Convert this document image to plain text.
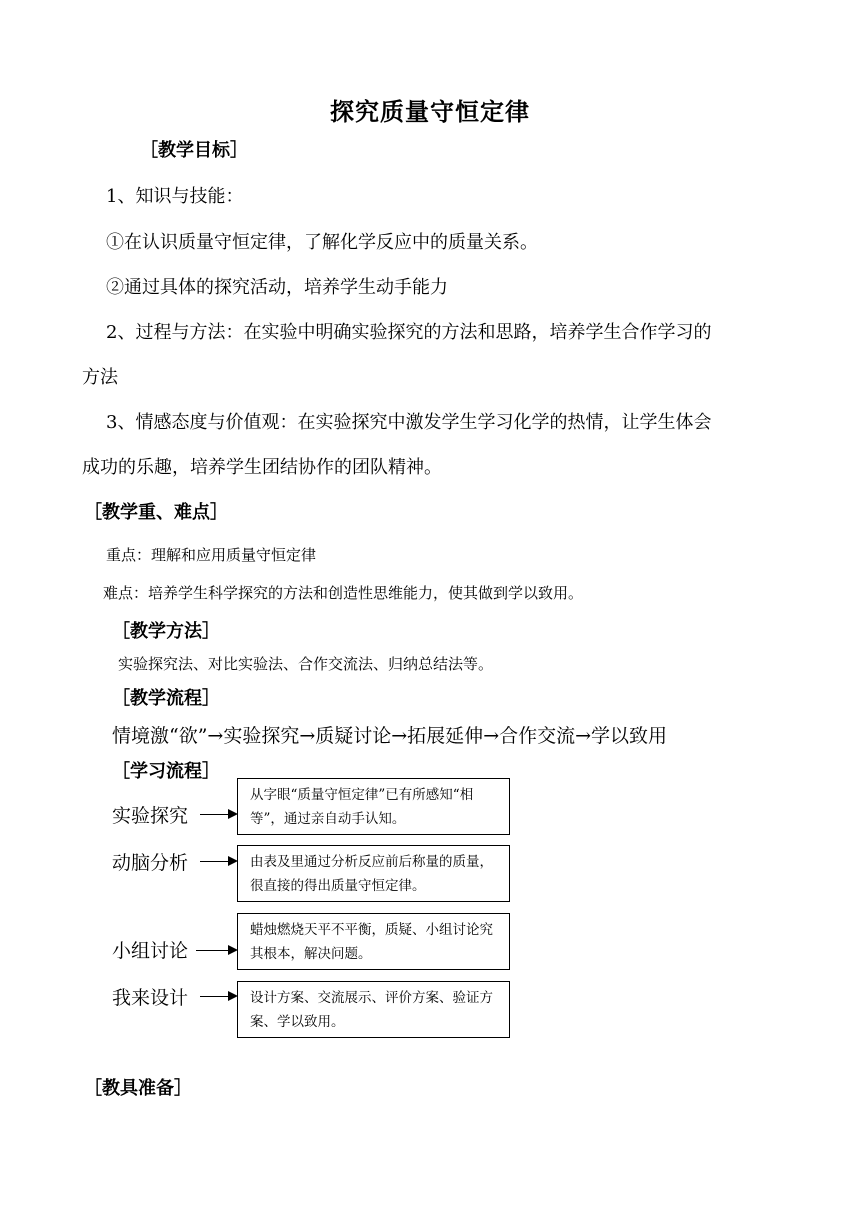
探究质量守恒定律
［教学目标］
1、知识与技能：
①在认识质量守恒定律，了解化学反应中的质量关系。
②通过具体的探究活动，培养学生动手能力
2、过程与方法：在实验中明确实验探究的方法和思路，培养学生合作学习的
方法
3、情感态度与价值观：在实验探究中激发学生学习化学的热情，让学生体会
成功的乐趣，培养学生团结协作的团队精神。
［教学重、难点］
重点：理解和应用质量守恒定律
难点：培养学生科学探究的方法和创造性思维能力，使其做到学以致用。
［教学方法］
实验探究法、对比实验法、合作交流法、归纳总结法等。
［教学流程］
情境激“欲”→实验探究→质疑讨论→拓展延伸→合作交流→学以致用
［学习流程］
实验探究
从字眼“质量守恒定律”已有所感知“相等”，通过亲自动手认知。
动脑分析	由表及里通过分析反应前后称量的质量，很直接的得出质量守恒定律。
小组讨论
蜡烛燃烧天平不平衡，质疑、小组讨论究其根本，解决问题。
我来设计	设计方案、交流展示、评价方案、验证方案、学以致用。
［教具准备］
